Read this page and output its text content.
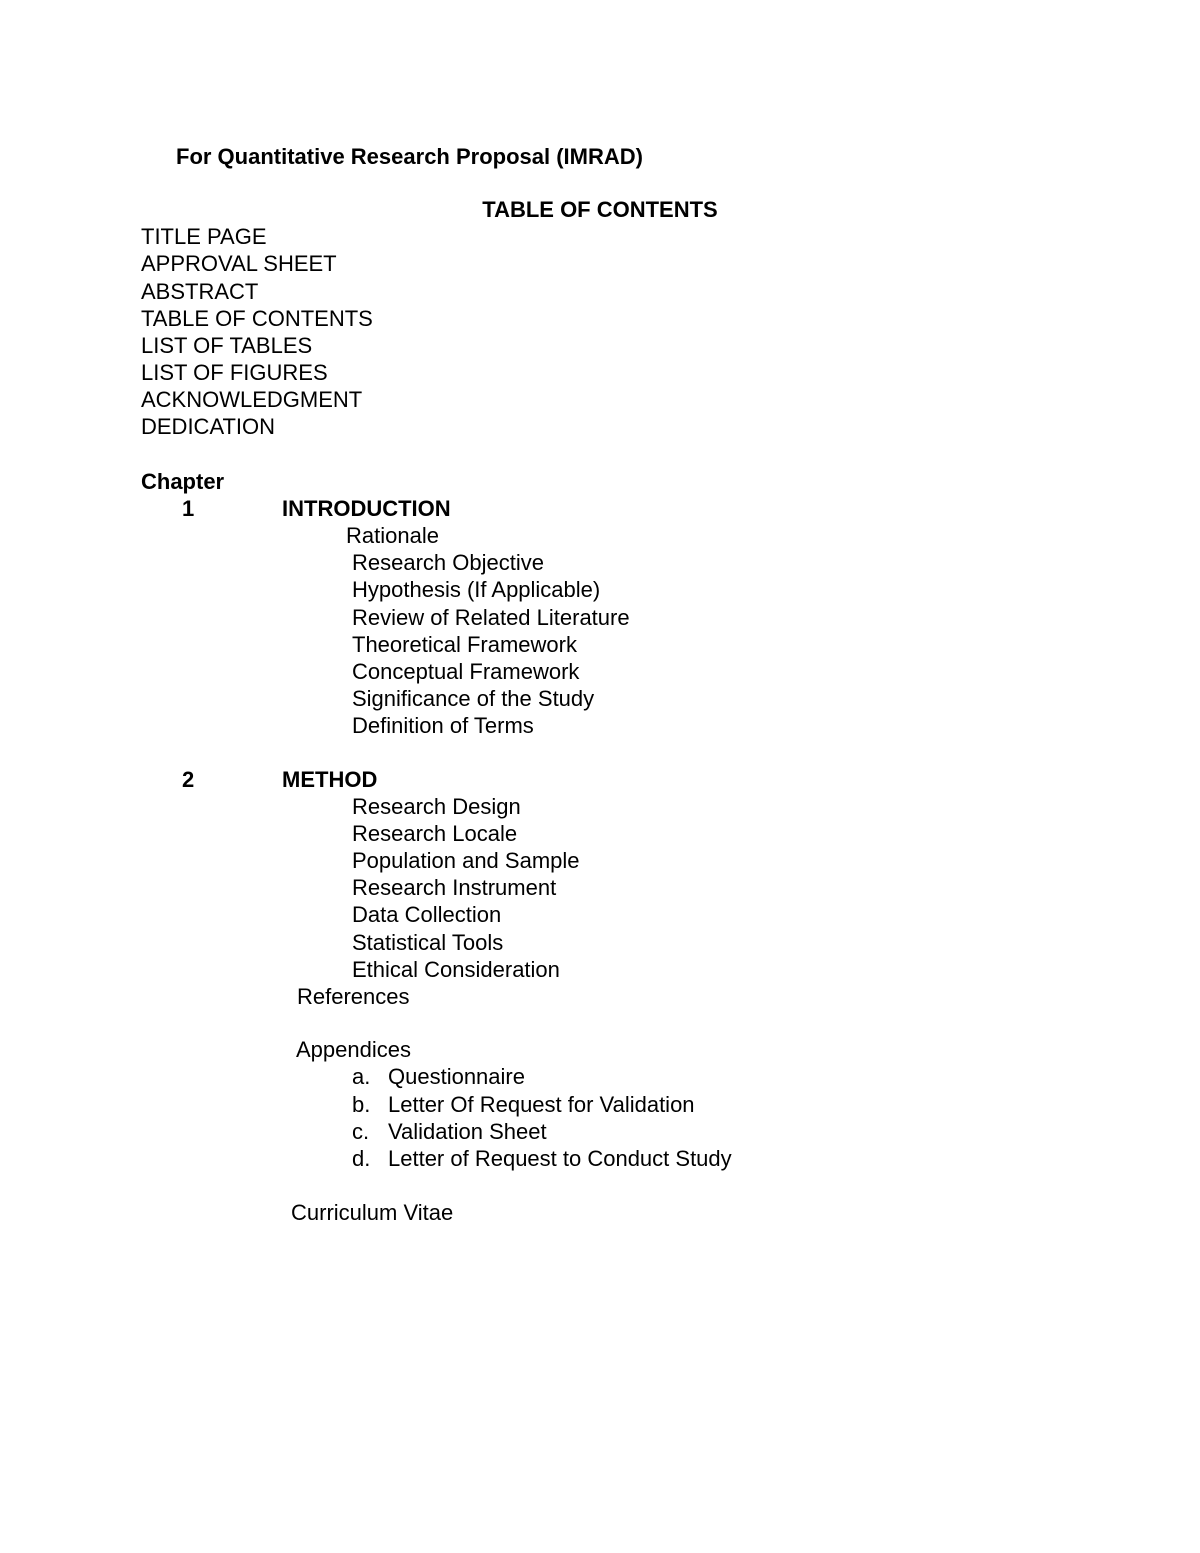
For Quantitative Research Proposal (IMRAD)
TABLE OF CONTENTS
TITLE PAGE
APPROVAL SHEET
ABSTRACT
TABLE OF CONTENTS
LIST OF TABLES
LIST OF FIGURES
ACKNOWLEDGMENT
DEDICATION
Chapter
1	INTRODUCTION
Rationale
Research Objective
Hypothesis (If Applicable)
Review of Related Literature
Theoretical Framework
Conceptual Framework
Significance of the Study
Definition of Terms
2	METHOD
Research Design
Research Locale
Population and Sample
Research Instrument
Data Collection
Statistical Tools
Ethical Consideration
References
Appendices
a. Questionnaire
b. Letter Of Request for Validation
c. Validation Sheet
d. Letter of Request to Conduct Study
Curriculum Vitae
